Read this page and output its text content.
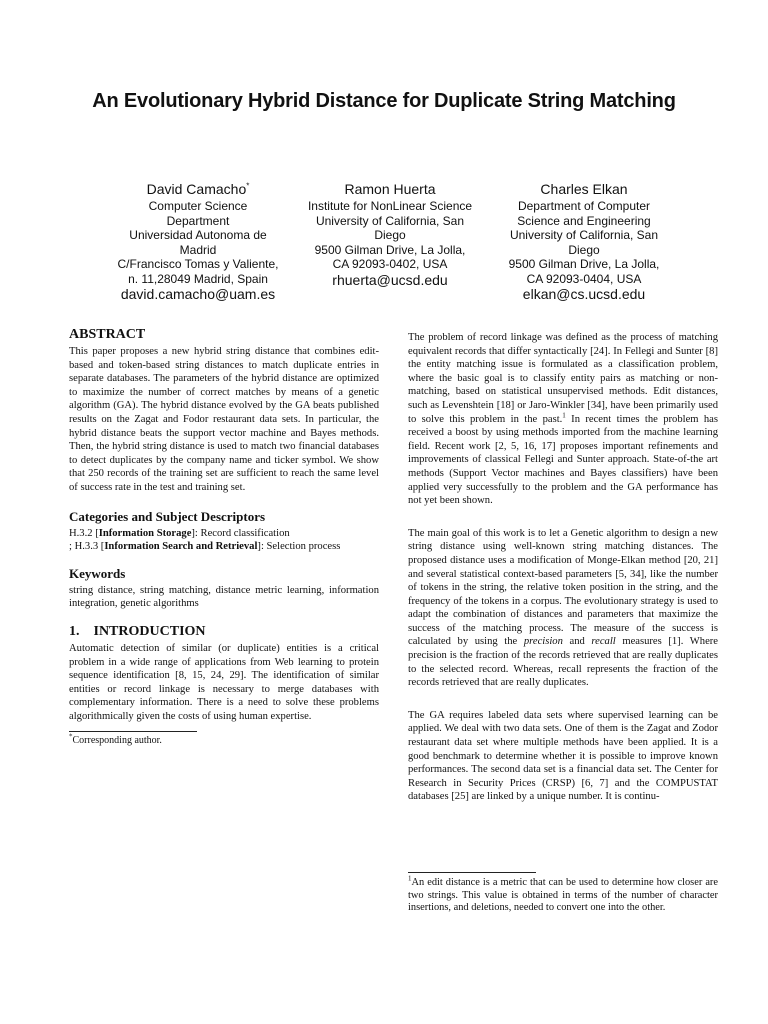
An Evolutionary Hybrid Distance for Duplicate String Matching
David Camacho*
Computer Science
Department
Universidad Autonoma de
Madrid
C/Francisco Tomas y Valiente,
n. 11,28049 Madrid, Spain
david.camacho@uam.es
Ramon Huerta
Institute for NonLinear Science
University of California, San
Diego
9500 Gilman Drive, La Jolla,
CA 92093-0402, USA
rhuerta@ucsd.edu
Charles Elkan
Department of Computer
Science and Engineering
University of California, San
Diego
9500 Gilman Drive, La Jolla,
CA 92093-0404, USA
elkan@cs.ucsd.edu
ABSTRACT

This paper proposes a new hybrid string distance that combines edit-based and token-based string distances to match duplicate entries in separate databases. The parameters of the hybrid distance are optimized to maximize the number of correct matches by means of a genetic algorithm (GA). The hybrid distance evolved by the GA beats published results on the Zagat and Fodor restaurant data sets. In particular, the hybrid distance beats the support vector machine and Bayes methods. Then, the hybrid string distance is used to match two financial databases to detect duplicates by the company name and ticker symbol. We show that 250 records of the training set are sufficient to reach the same level of success rate in the test and training set.

Categories and Subject Descriptors

H.3.2 [Information Storage]: Record classification
; H.3.3 [Information Search and Retrieval]: Selection process

Keywords

string distance, string matching, distance metric learning, information integration, genetic algorithms

1.    INTRODUCTION

Automatic detection of similar (or duplicate) entities is a critical problem in a wide range of applications from Web learning to protein sequence identification [8, 15, 24, 29]. The identification of similar entities or record linkage is necessary to merge databases with complementary information. There is a need to solve these problems algorithmically given the costs of using human expertise.

*Corresponding author.

The problem of record linkage was defined as the process of matching equivalent records that differ syntactically [24]. In Fellegi and Sunter [8] the entity matching issue is formulated as a classification problem, where the basic goal is to classify entity pairs as matching or non-matching, based on statistical unsupervised methods. Edit distances, such as Levenshtein [18] or Jaro-Winkler [34], have been primarily used to solve this problem in the past.$^1$ In recent times the problem has received a boost by using methods imported from the machine learning field. Recent work [2, 5, 16, 17] proposes important refinements and improvements of classical Fellegi and Sunter approach. State-of-the art methods (Support Vector machines and Bayes classifiers) have been applied very successfully to the problem and the GA performance has not yet been shown.

The main goal of this work is to let a Genetic algorithm to design a new string distance using well-known string matching distances. The proposed distance uses a modification of Monge-Elkan method [20, 21] and several statistical context-based parameters [5, 34], like the number of tokens in the string, the relative token position in the string, and the frequency of the tokens in a corpus. The evolutionary strategy is used to adapt the combination of distances and parameters that maximize the success of the matching process. The measure of the success is calculated by using the precision and recall measures [1]. Where precision is the fraction of the records retrieved that are really duplicates to the selected record. Whereas, recall represents the fraction of the records retrieved that are really duplicates.

The GA requires labeled data sets where supervised learning can be applied. We deal with two data sets. One of them is the Zagat and Zodor restaurant data set where multiple methods have been applied. It is a good benchmark to determine whether it is possible to improve known performances. The second data set is a financial data set. The Center for Research in Security Prices (CRSP) [6, 7] and the COMPUSTAT databases [25] are linked by a unique number. It is continu-

$^1$An edit distance is a metric that can be used to determine how closer are two strings. This value is obtained in terms of the number of character insertions, and deletions, needed to convert one into the other.
